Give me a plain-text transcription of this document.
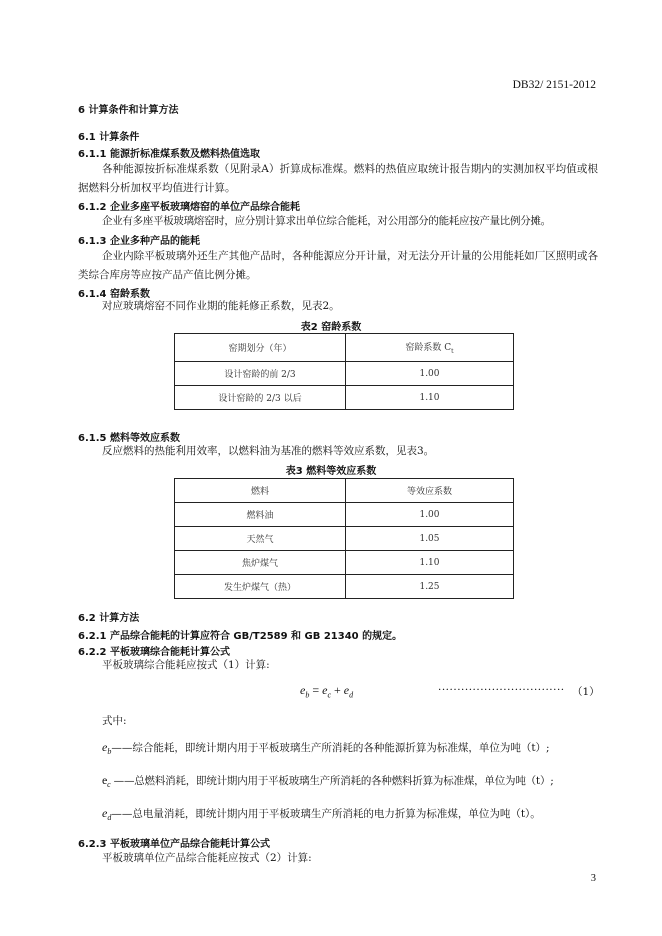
DB32/ 2151-2012
6 计算条件和计算方法
6.1 计算条件
6.1.1 能源折标准煤系数及燃料热值选取
各种能源按折标准煤系数（见附录A）折算成标准煤。燃料的热值应取统计报告期内的实测加权平均值或根据燃料分析加权平均值进行计算。
6.1.2 企业多座平板玻璃熔窑的单位产品综合能耗
企业有多座平板玻璃熔窑时，应分别计算求出单位综合能耗，对公用部分的能耗应按产量比例分摊。
6.1.3 企业多种产品的能耗
企业内除平板玻璃外还生产其他产品时，各种能源应分开计量，对无法分开计量的公用能耗如厂区照明或各类综合库房等应按产品产值比例分摊。
6.1.4 窑龄系数
对应玻璃熔窑不同作业期的能耗修正系数，见表2。
表2 窑龄系数
窑期划分（年）	窑龄系数 $C_t$
设计窑龄的前 2/3	1.00
设计窑龄的 2/3 以后	1.10
6.1.5 燃料等效应系数
反应燃料的热能利用效率，以燃料油为基准的燃料等效应系数，见表3。
表3 燃料等效应系数
燃料	等效应系数
燃料油	1.00
天然气	1.05
焦炉煤气	1.10
发生炉煤气（热）	1.25
6.2 计算方法
6.2.1 产品综合能耗的计算应符合 GB/T2589 和 GB 21340 的规定。
6.2.2 平板玻璃综合能耗计算公式
平板玻璃综合能耗应按式（1）计算:
$e_b = e_c + e_d$	································· （1）
式中:
$e_b——$综合能耗，即统计期内用于平板玻璃生产所消耗的各种能源折算为标准煤，单位为吨（t）;
$e_c$ ——总燃料消耗，即统计期内用于平板玻璃生产所消耗的各种燃料折算为标准煤，单位为吨（t）;
$e_d——$总电量消耗，即统计期内用于平板玻璃生产所消耗的电力折算为标准煤，单位为吨（t）。
6.2.3 平板玻璃单位产品综合能耗计算公式
平板玻璃单位产品综合能耗应按式（2）计算:
3
